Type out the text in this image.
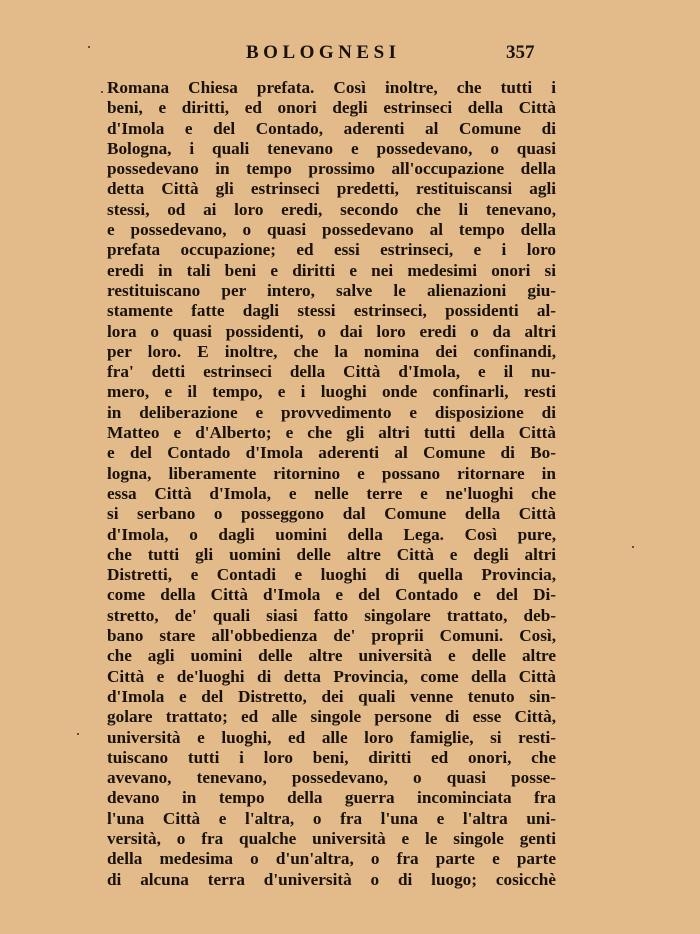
BOLOGNESI	357
Romana Chiesa prefata. Così inoltre, che tutti i
beni, e diritti, ed onori degli estrinseci della Città
d'Imola e del Contado, aderenti al Comune di
Bologna, i quali tenevano e possedevano, o quasi
possedevano in tempo prossimo all'occupazione della
detta Città gli estrinseci predetti, restituiscansi agli
stessi, od ai loro eredi, secondo che li tenevano,
e possedevano, o quasi possedevano al tempo della
prefata occupazione; ed essi estrinseci, e i loro
eredi in tali beni e diritti e nei medesimi onori si
restituiscano per intero, salve le alienazioni giu-
stamente fatte dagli stessi estrinseci, possidenti al-
lora o quasi possidenti, o dai loro eredi o da altri
per loro. E inoltre, che la nomina dei confinandi,
fra' detti estrinseci della Città d'Imola, e il nu-
mero, e il tempo, e i luoghi onde confinarli, resti
in deliberazione e provvedimento e disposizione di
Matteo e d'Alberto; e che gli altri tutti della Città
e del Contado d'Imola aderenti al Comune di Bo-
logna, liberamente ritornino e possano ritornare in
essa Città d'Imola, e nelle terre e ne'luoghi che
si serbano o posseggono dal Comune della Città
d'Imola, o dagli uomini della Lega. Così pure,
che tutti gli uomini delle altre Città e degli altri
Distretti, e Contadi e luoghi di quella Provincia,
come della Città d'Imola e del Contado e del Di-
stretto, de' quali siasi fatto singolare trattato, deb-
bano stare all'obbedienza de' proprii Comuni. Così,
che agli uomini delle altre università e delle altre
Città e de'luoghi di detta Provincia, come della Città
d'Imola e del Distretto, dei quali venne tenuto sin-
golare trattato; ed alle singole persone di esse Città,
università e luoghi, ed alle loro famiglie, si resti-
tuiscano tutti i loro beni, diritti ed onori, che
avevano, tenevano, possedevano, o quasi posse-
devano in tempo della guerra incominciata fra
l'una Città e l'altra, o fra l'una e l'altra uni-
versità, o fra qualche università e le singole genti
della medesima o d'un'altra, o fra parte e parte
di alcuna terra d'università o di luogo; cosicchè
